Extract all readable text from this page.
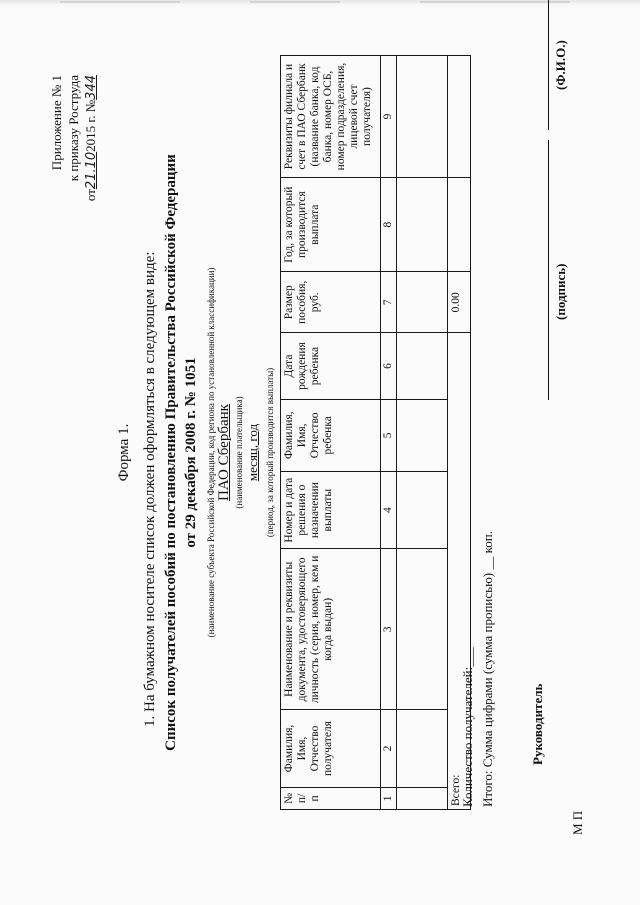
Приложение № 1 к приказу Роструда
от21.102015 г. №344
Форма 1. 1. На бумажном носителе список должен оформляться в следующем виде: Список получателей пособий по постановлению Правительства Российской Федерации от 29 декабря 2008 г. № 1051 (наименование субъекта Российской Федерации, код региона по установленной классификации) ПАО Сбербанк (наименование плательщика) месяц, год (период, за который производится выплаты)
№ п/п	Фамилия, Имя, Отчество получателя	Наименование и реквизиты документа, удостоверяющего личность (серия, номер, кем и когда выдан)	Номер и дата решения о назначении выплаты	Фамилия, Имя, Отчество ребенка	Дата рождения ребенка	Размер пособия, руб.	Год, за который производится выплата	Реквизиты филиала и счет в ПАО Сбербанк (название банка, код банка, номер ОСБ, номер подразделения, лицевой счет получателя)
1	2	3	4	5	6	7	8	9

Всего:						0.00		
Количество получателей:___ Итого: Сумма цифрами (сумма прописью) __ коп.	Руководитель
(подпись)
(Ф.И.О.)
М П
